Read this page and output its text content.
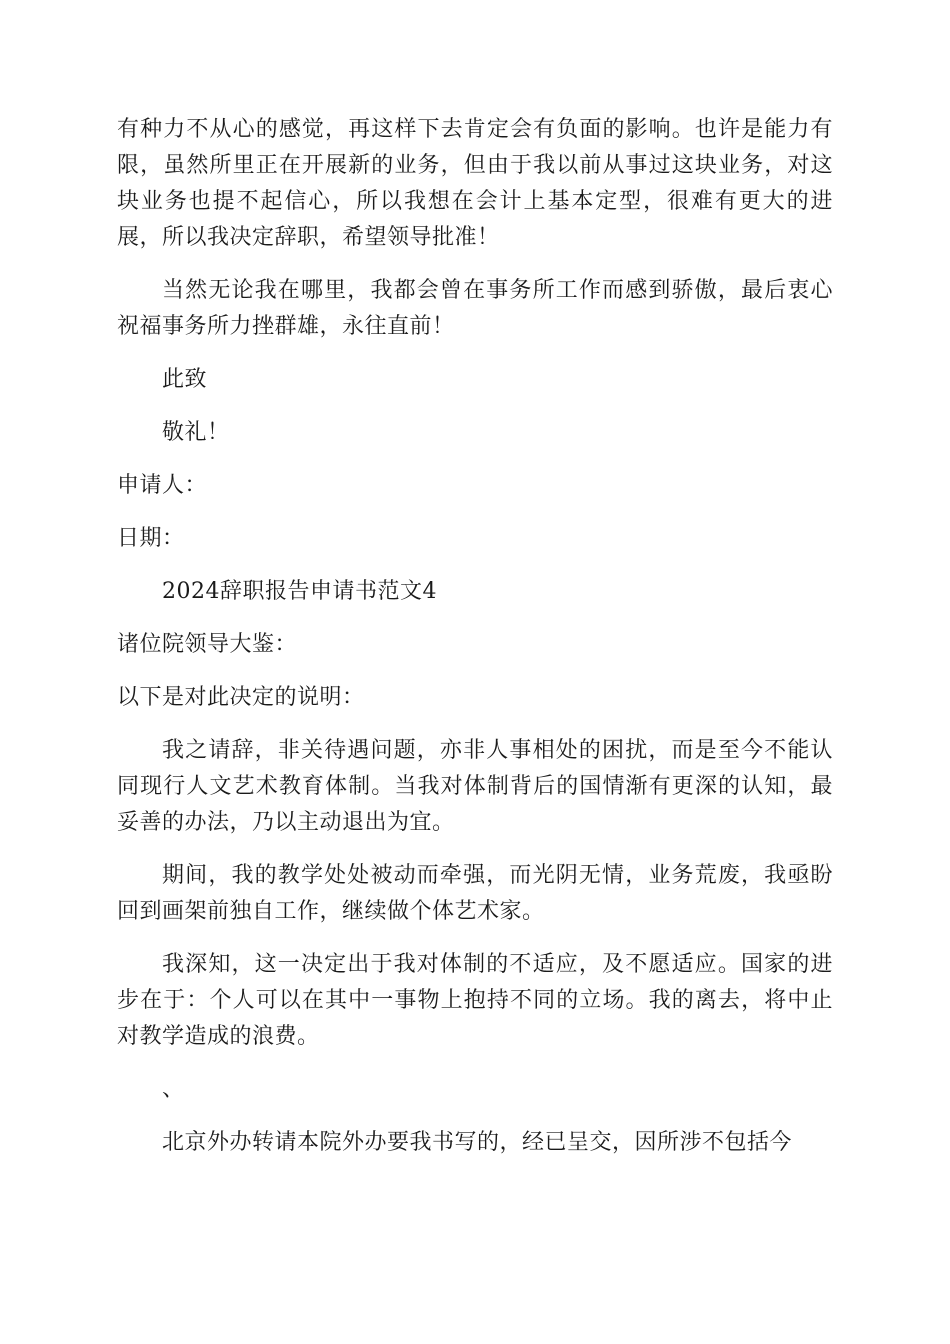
有种力不从心的感觉，再这样下去肯定会有负面的影响。也许是能力有限，虽然所里正在开展新的业务，但由于我以前从事过这块业务，对这块业务也提不起信心，所以我想在会计上基本定型，很难有更大的进展，所以我决定辞职，希望领导批准！

当然无论我在哪里，我都会曾在事务所工作而感到骄傲，最后衷心祝福事务所力挫群雄，永往直前！

此致

敬礼！

申请人：

日期：

2024辞职报告申请书范文4

诸位院领导大鉴：

以下是对此决定的说明：

我之请辞，非关待遇问题，亦非人事相处的困扰，而是至今不能认同现行人文艺术教育体制。当我对体制背后的国情渐有更深的认知，最妥善的办法，乃以主动退出为宜。

期间，我的教学处处被动而牵强，而光阴无情，业务荒废，我亟盼回到画架前独自工作，继续做个体艺术家。

我深知，这一决定出于我对体制的不适应，及不愿适应。国家的进步在于：个人可以在其中一事物上抱持不同的立场。我的离去，将中止对教学造成的浪费。

、

北京外办转请本院外办要我书写的，经已呈交，因所涉不包括今
